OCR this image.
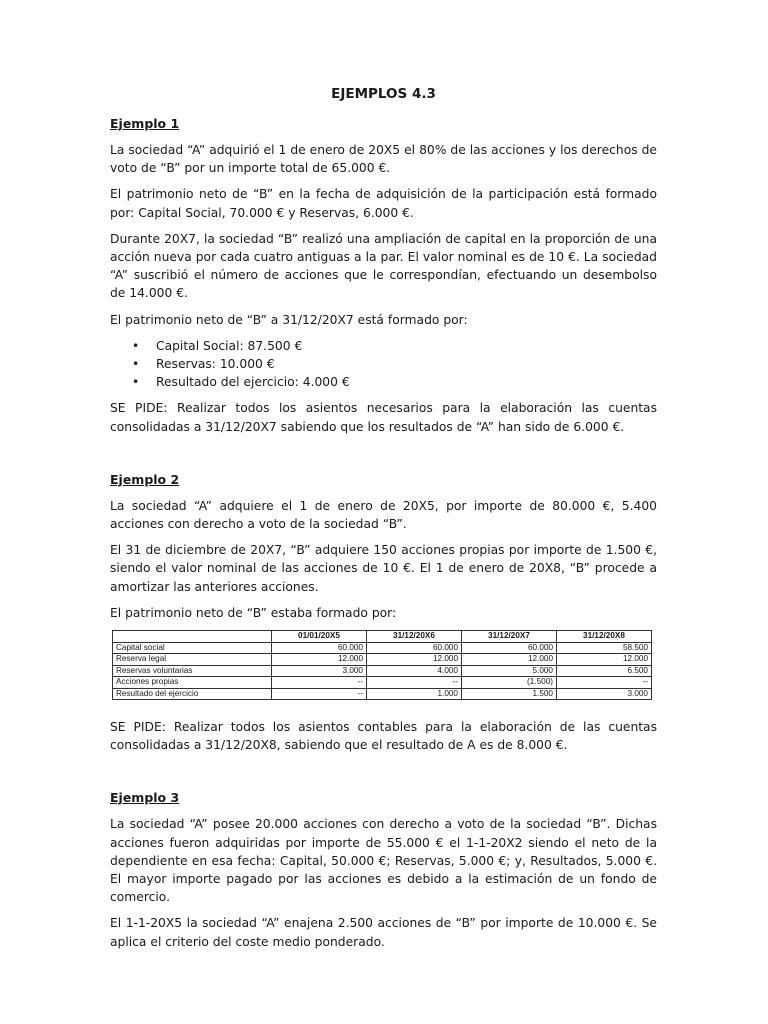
EJEMPLOS 4.3
Ejemplo 1

La sociedad “A” adquirió el 1 de enero de 20X5 el 80% de las acciones y los derechos de voto de “B” por un importe total de 65.000 €.

El patrimonio neto de “B” en la fecha de adquisición de la participación está formado por: Capital Social, 70.000 € y Reservas, 6.000 €.

Durante 20X7, la sociedad “B” realizó una ampliación de capital en la proporción de una acción nueva por cada cuatro antiguas a la par. El valor nominal es de 10 €. La sociedad “A” suscribió el número de acciones que le correspondían, efectuando un desembolso de 14.000 €.

El patrimonio neto de “B” a 31/12/20X7 está formado por:

• Capital Social: 87.500 €
• Reservas: 10.000 €
• Resultado del ejercicio: 4.000 €

SE PIDE: Realizar todos los asientos necesarios para la elaboración las cuentas consolidadas a 31/12/20X7 sabiendo que los resultados de “A” han sido de 6.000 €.

Ejemplo 2

La sociedad “A” adquiere el 1 de enero de 20X5, por importe de 80.000 €, 5.400 acciones con derecho a voto de la sociedad “B”.

El 31 de diciembre de 20X7, “B” adquiere 150 acciones propias por importe de 1.500 €, siendo el valor nominal de las acciones de 10 €. El 1 de enero de 20X8, “B” procede a amortizar las anteriores acciones.

El patrimonio neto de “B” estaba formado por:

	01/01/20X5	31/12/20X6	31/12/20X7	31/12/20X8
Capital social	60.000	60.000	60.000	58.500
Reserva legal	12.000	12.000	12.000	12.000
Reservas voluntarias	3.000	4.000	5.000	6.500
Acciones propias	--	--	(1.500)	--
Resultado del ejercicio	--	1.000	1.500	3.000

SE PIDE: Realizar todos los asientos contables para la elaboración de las cuentas consolidadas a 31/12/20X8, sabiendo que el resultado de A es de 8.000 €.

Ejemplo 3

La sociedad “A” posee 20.000 acciones con derecho a voto de la sociedad “B”. Dichas acciones fueron adquiridas por importe de 55.000 € el 1-1-20X2 siendo el neto de la dependiente en esa fecha: Capital, 50.000 €; Reservas, 5.000 €; y, Resultados, 5.000 €. El mayor importe pagado por las acciones es debido a la estimación de un fondo de comercio.

El 1-1-20X5 la sociedad “A” enajena 2.500 acciones de “B” por importe de 10.000 €. Se aplica el criterio del coste medio ponderado.
